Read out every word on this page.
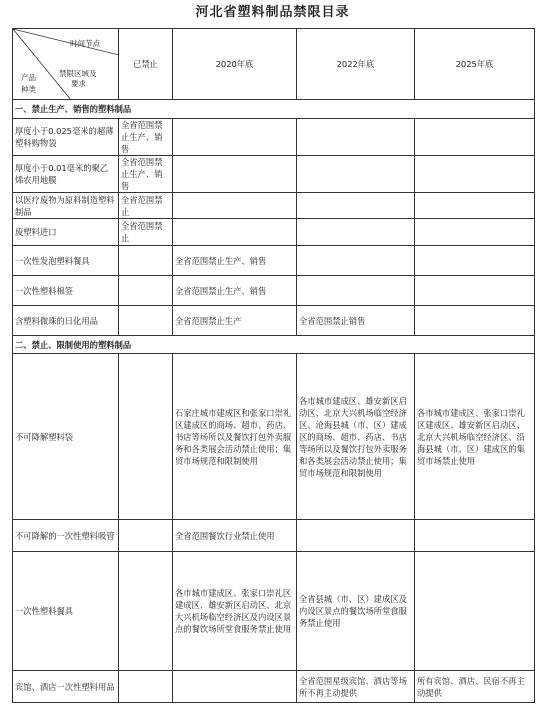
河北省塑料制品禁限目录
时间节点
禁限区域及
要求
产品
种类	已禁止	2020年底	2022年底	2025年底
一、禁止生产、销售的塑料制品				
厚度小于0.025毫米的超薄塑料购物袋	全省范围禁止生产、销售			
厚度小于0.01毫米的聚乙烯农用地膜	全省范围禁止生产、销售			
以医疗废物为原料制造塑料制品	全省范围禁止			
废塑料进口	全省范围禁止			
一次性发泡塑料餐具		全省范围禁止生产、销售		
一次性塑料棉签		全省范围禁止生产、销售		
含塑料微珠的日化用品		全省范围禁止生产	全省范围禁止销售	
二、禁止、限制使用的塑料制品				
不可降解塑料袋		石家庄城市建成区和张家口崇礼区建成区的商场、超市、药店、书店等场所以及餐饮打包外卖服务和各类展会活动禁止使用；集贸市场规范和限制使用	各市城市建成区、雄安新区启动区、北京大兴机场临空经济区、沧海县城（市、区）建成区的商场、超市、药店、书店等场所以及餐饮打包外卖服务和各类展会活动禁止使用；集贸市场规范和限制使用	各市城市建成区、张家口崇礼区建成区、雄安新区启动区、北京大兴机场临空经济区、沿海县城（市、区）建成区的集贸市场禁止使用
不可降解的一次性塑料吸管		全省范围餐饮行业禁止使用		
一次性塑料餐具		各市城市建成区、张家口崇礼区建成区、雄安新区启动区、北京大兴机场临空经济区及内设区景点的餐饮场所堂食服务禁止使用	全省县城（市、区）建成区及内设区景点的餐饮场所堂食服务禁止使用	
宾馆、酒店一次性塑料用品			全省范围星级宾馆、酒店等场所不再主动提供	所有宾馆、酒店、民宿不再主动提供
